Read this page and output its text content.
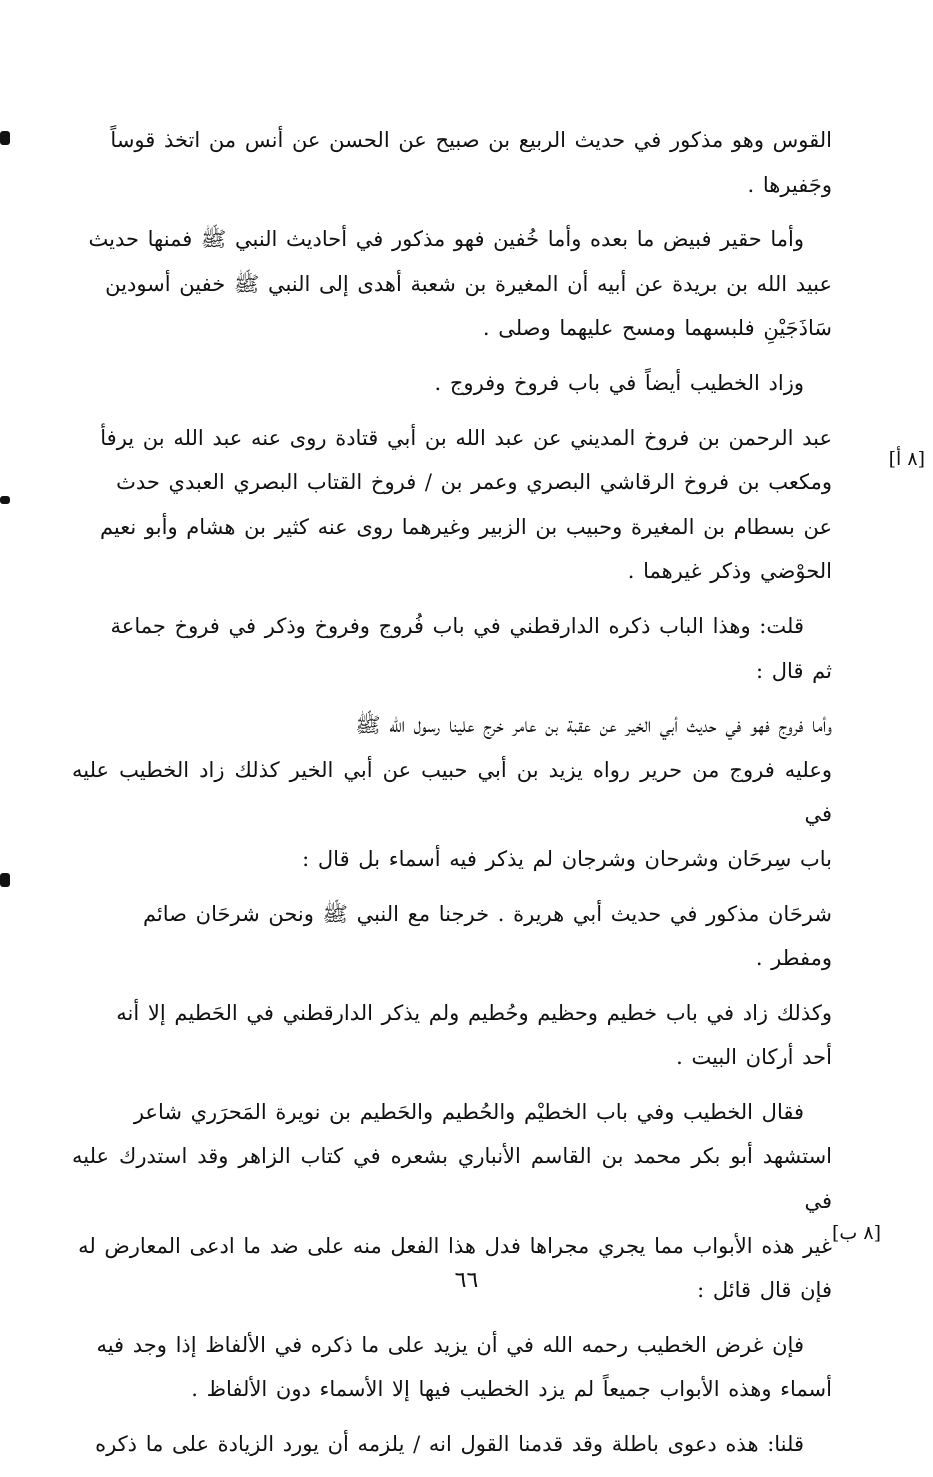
القوس وهو مذكور في حديث الربيع بن صبيح عن الحسن عن أنس من اتخذ قوساً

وجَفيرها .

وأما حقير فبيض ما بعده وأما خُفين فهو مذكور في أحاديث النبي ﷺ فمنها حديث

عبيد الله بن بريدة عن أبيه أن المغيرة بن شعبة أهدى إلى النبي ﷺ خفين أسودين

سَاذَجَيْنِ فلبسهما ومسح عليهما وصلى .

وزاد الخطيب أيضاً في باب فروخ وفروج .

عبد الرحمن بن فروخ المديني عن عبد الله بن أبي قتادة روى عنه عبد الله بن يرفأ

ومكعب بن فروخ الرقاشي البصري وعمر بن / فروخ القتاب البصري العبدي حدث

عن بسطام بن المغيرة وحبيب بن الزبير وغيرهما روى عنه كثير بن هشام وأبو نعيم

الحوْضي وذكر غيرهما .

قلت: وهذا الباب ذكره الدارقطني في باب فُروج وفروخ وذكر في فروخ جماعة

ثم قال :

وأما فروج فهو في حديث أبي الخير عن عقبة بن عامر خرج علينا رسول الله ﷺ

وعليه فروج من حرير رواه يزيد بن أبي حبيب عن أبي الخير كذلك زاد الخطيب عليه في

باب سِرحَان وشرحان وشرجان لم يذكر فيه أسماء بل قال :

شرحَان مذكور في حديث أبي هريرة . خرجنا مع النبي ﷺ ونحن شرحَان صائم

ومفطر .

وكذلك زاد في باب خطيم وحظيم وحُطيم ولم يذكر الدارقطني في الحَطيم إلا أنه

أحد أركان البيت .

فقال الخطيب وفي باب الخطيْم والحُطيم والحَطيم بن نويرة المَحرَري شاعر

استشهد أبو بكر محمد بن القاسم الأنباري بشعره في كتاب الزاهر وقد استدرك عليه في

غير هذه الأبواب مما يجري مجراها فدل هذا الفعل منه على ضد ما ادعى المعارض له

فإن قال قائل :

فإن غرض الخطيب رحمه الله في أن يزيد على ما ذكره في الألفاظ إذا وجد فيه

أسماء وهذه الأبواب جميعاً لم يزد الخطيب فيها إلا الأسماء دون الألفاظ .

قلنا: هذه دعوى باطلة وقد قدمنا القول انه / يلزمه أن يورد الزيادة على ما ذكره

[٨ أ]
[٨ ب]
٦٦
